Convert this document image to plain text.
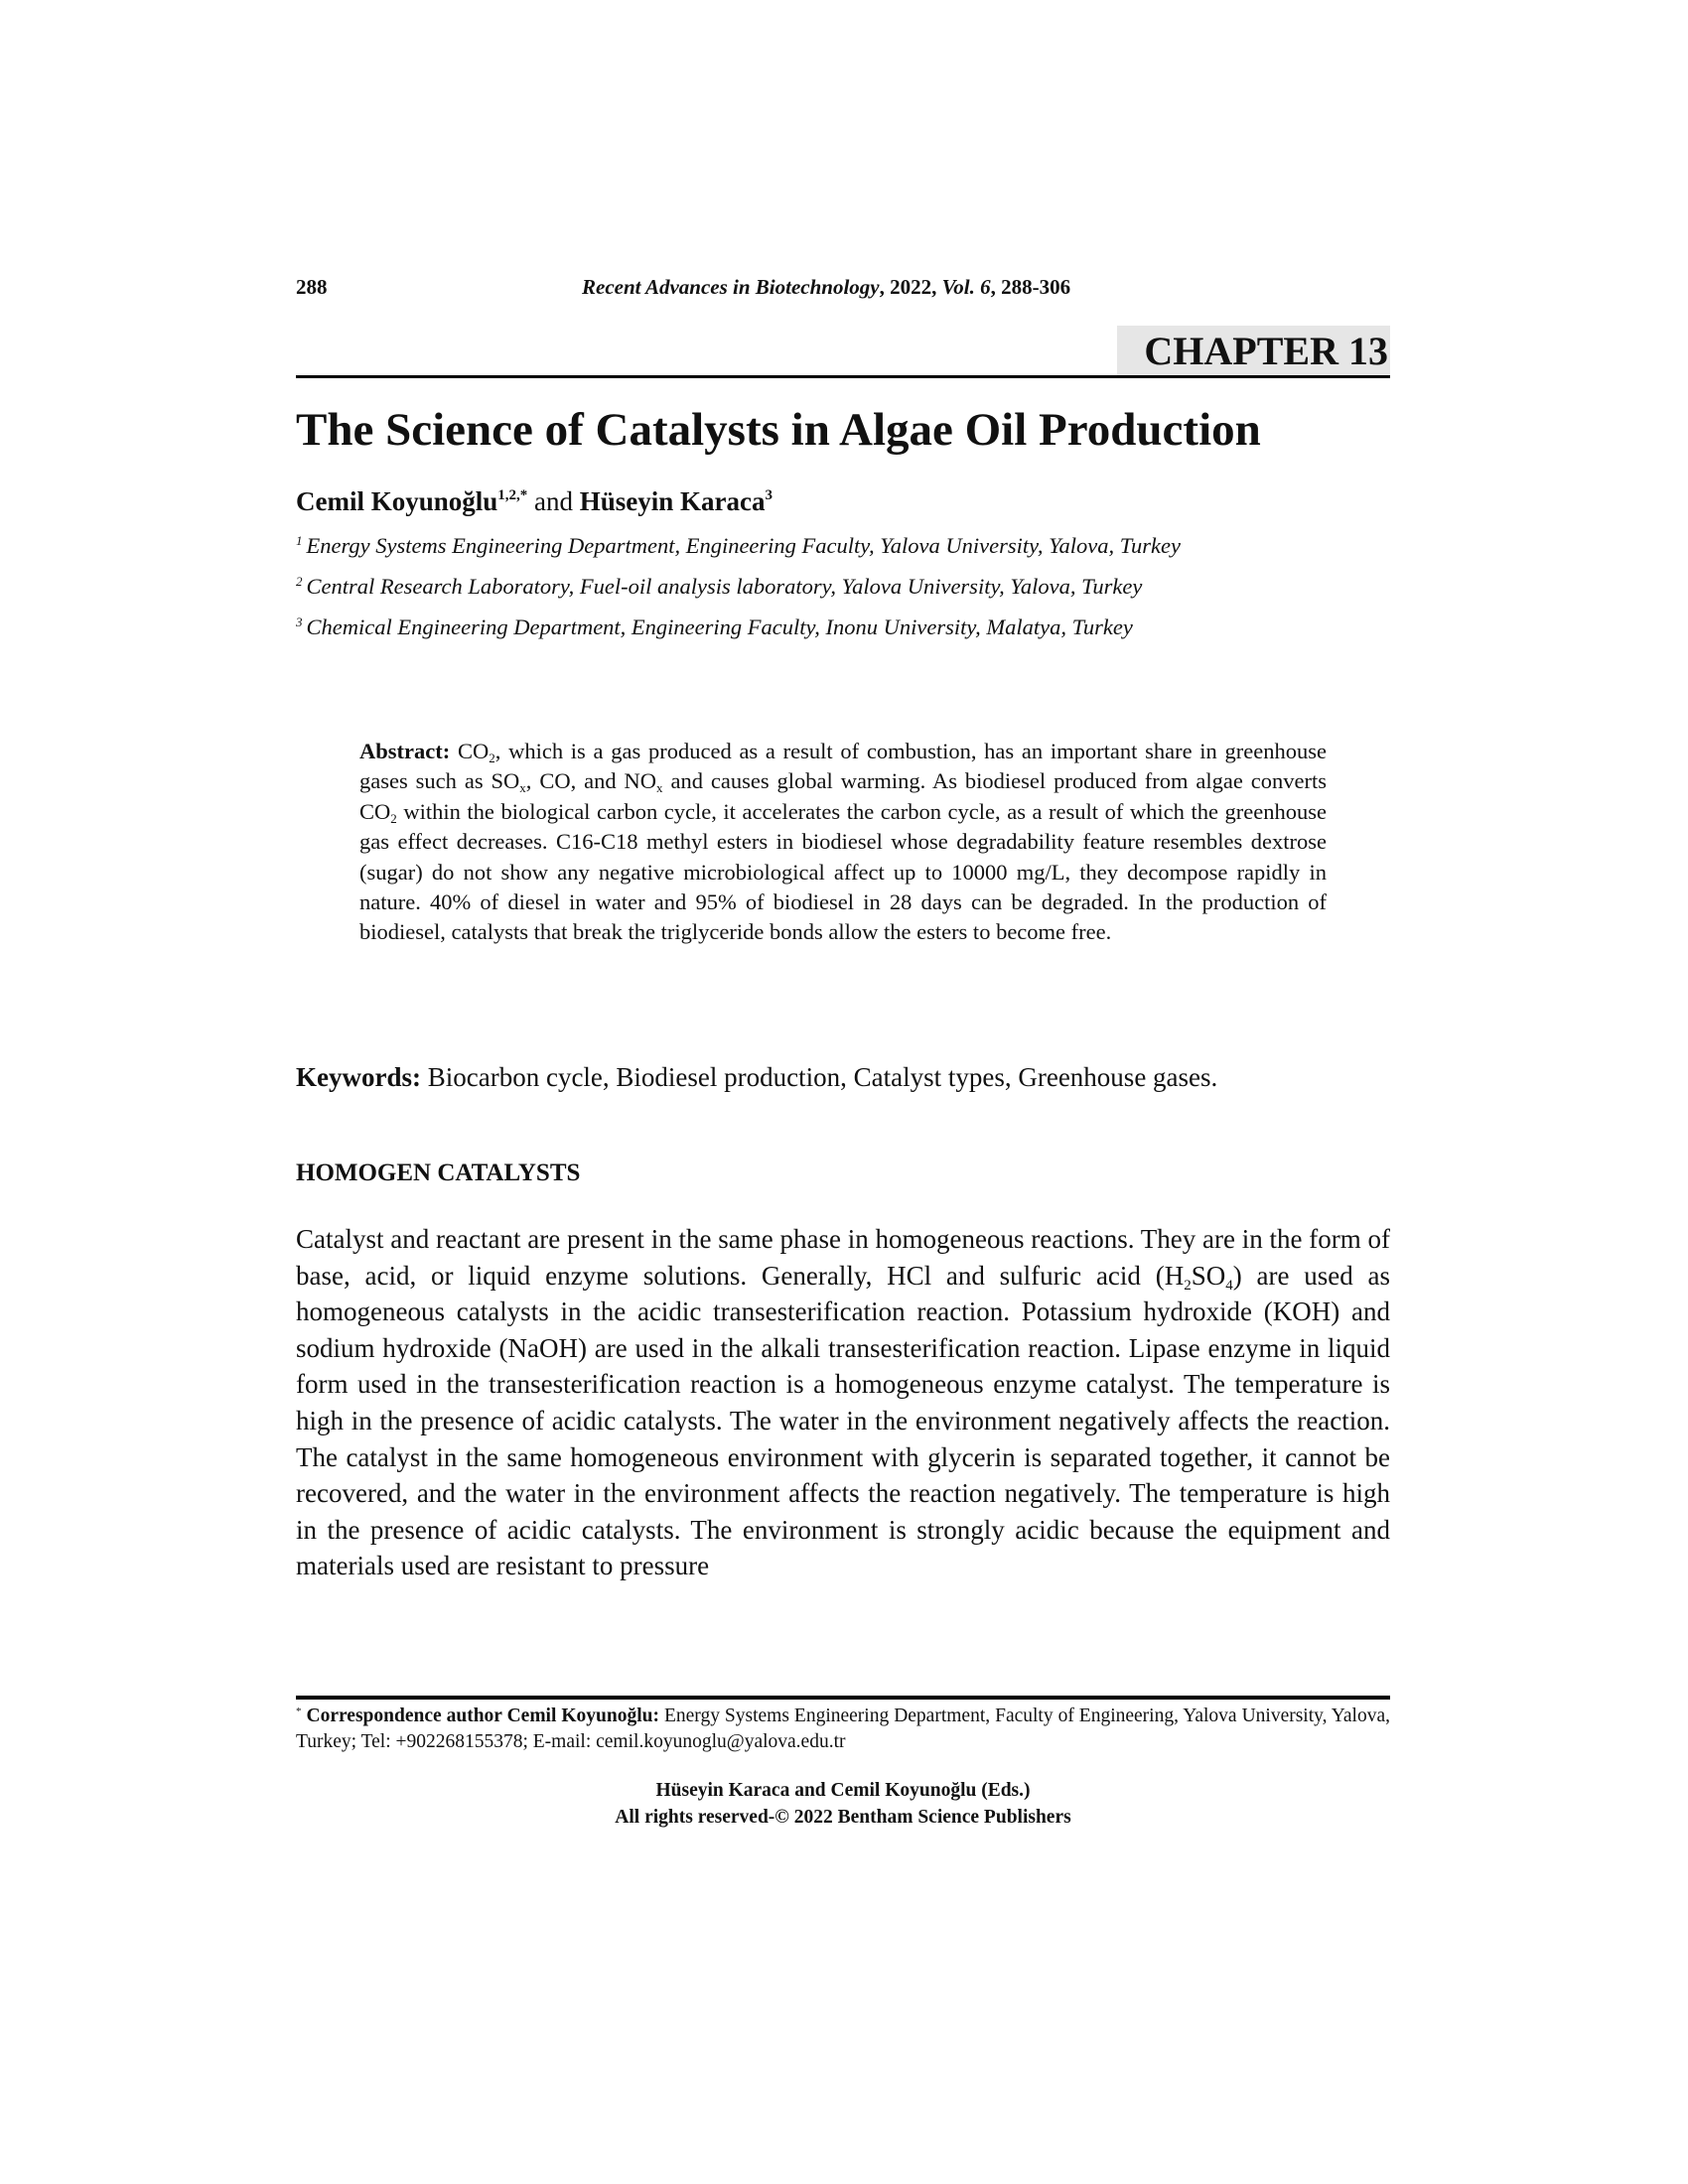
288	Recent Advances in Biotechnology, 2022, Vol. 6, 288-306
CHAPTER 13
The Science of Catalysts in Algae Oil Production
Cemil Koyunoğlu$^{1,2,*}$ and Hüseyin Karaca$^3$

$^1$ Energy Systems Engineering Department, Engineering Faculty, Yalova University, Yalova, Turkey

$^2$ Central Research Laboratory, Fuel-oil analysis laboratory, Yalova University, Yalova, Turkey

$^3$ Chemical Engineering Department, Engineering Faculty, Inonu University, Malatya, Turkey

Abstract: $CO_2$, which is a gas produced as a result of combustion, has an important share in greenhouse gases such as $SO_x$, CO, and $NO_x$ and causes global warming. As biodiesel produced from algae converts $CO_2$ within the biological carbon cycle, it accelerates the carbon cycle, as a result of which the greenhouse gas effect decreases. C16-C18 methyl esters in biodiesel whose degradability feature resembles dextrose (sugar) do not show any negative microbiological affect up to 10000 mg/L, they decompose rapidly in nature. 40% of diesel in water and 95% of biodiesel in 28 days can be degraded. In the production of biodiesel, catalysts that break the triglyceride bonds allow the esters to become free.
Keywords: Biocarbon cycle, Biodiesel production, Catalyst types, Greenhouse gases.
HOMOGEN CATALYSTS
Catalyst and reactant are present in the same phase in homogeneous reactions. They are in the form of base, acid, or liquid enzyme solutions. Generally, HCl and sulfuric acid $(H_2SO_4)$ are used as homogeneous catalysts in the acidic transesterification reaction. Potassium hydroxide (KOH) and sodium hydroxide (NaOH) are used in the alkali transesterification reaction. Lipase enzyme in liquid form used in the transesterification reaction is a homogeneous enzyme catalyst. The temperature is high in the presence of acidic catalysts. The water in the environment negatively affects the reaction. The catalyst in the same homogeneous environment with glycerin is separated together, it cannot be recovered, and the water in the environment affects the reaction negatively. The temperature is high in the presence of acidic catalysts. The environment is strongly acidic because the equipment and materials used are resistant to pressure
* Correspondence author Cemil Koyunoğlu: Energy Systems Engineering Department, Faculty of Engineering, Yalova University, Yalova, Turkey; Tel: +902268155378; E-mail: cemil.koyunoglu@yalova.edu.tr
Hüseyin Karaca and Cemil Koyunoğlu (Eds.)
All rights reserved-© 2022 Bentham Science Publishers
